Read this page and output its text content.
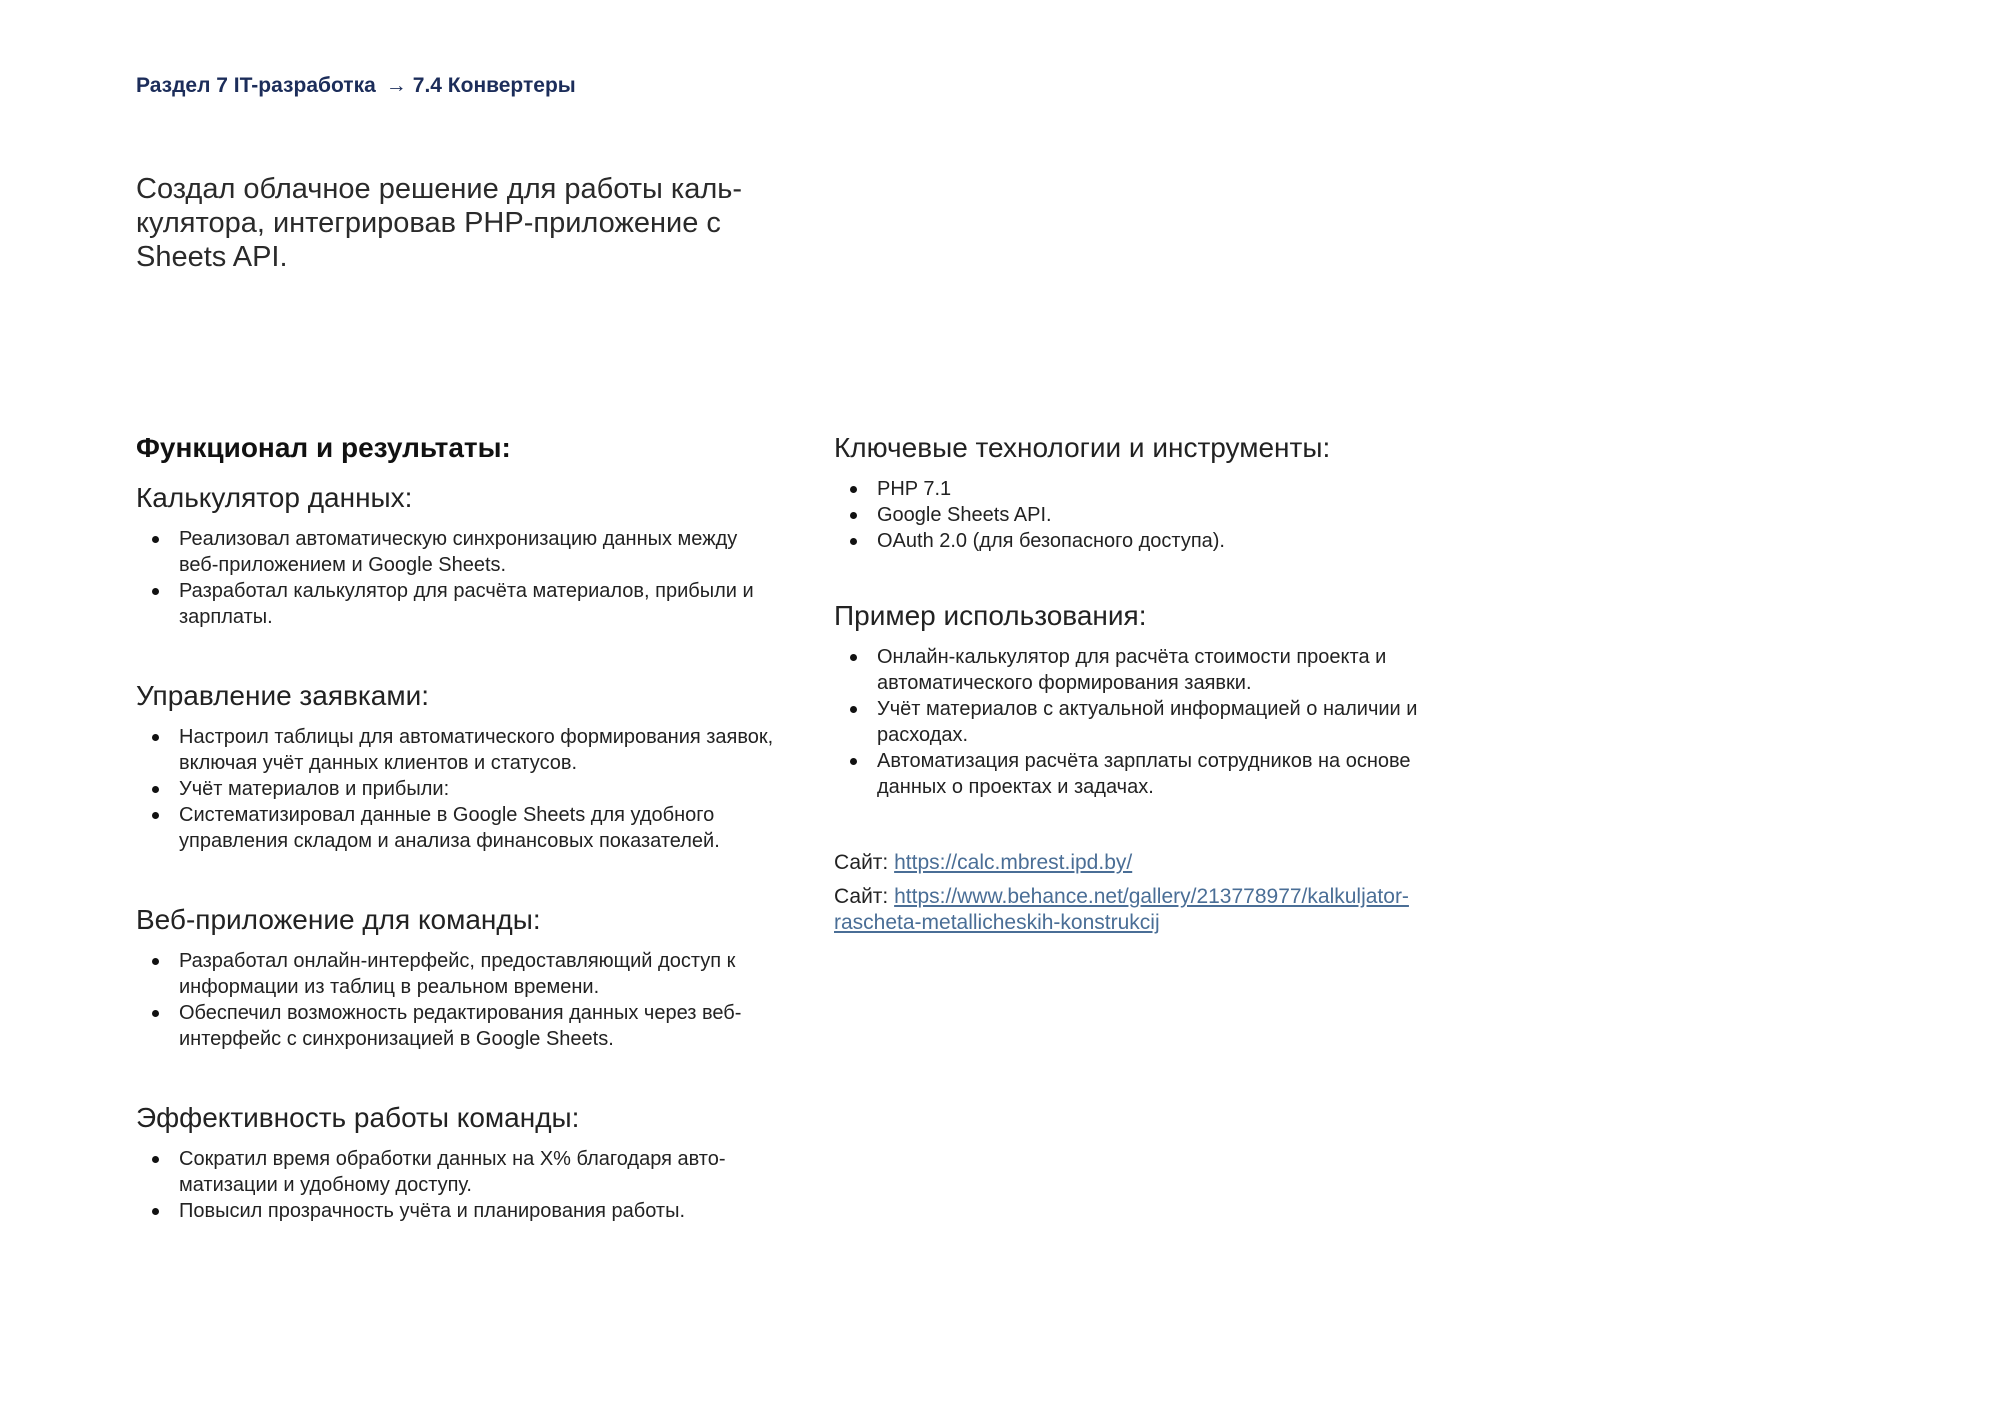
Раздел 7 IT-разработка → 7.4 Конвертеры
Создал облачное решение для работы каль-кулятора, интегрировав PHP-приложение с Sheets API.
Функционал и результаты:
Калькулятор данных:
Реализовал автоматическую синхронизацию данных между веб-приложением и Google Sheets.
Разработал калькулятор для расчёта материалов, прибыли и зарплаты.
Управление заявками:
Настроил таблицы для автоматического формирования заявок, включая учёт данных клиентов и статусов.
Учёт материалов и прибыли:
Систематизировал данные в Google Sheets для удобного управления складом и анализа финансовых показателей.
Веб-приложение для команды:
Разработал онлайн-интерфейс, предоставляющий доступ к информации из таблиц в реальном времени.
Обеспечил возможность редактирования данных через веб-интерфейс с синхронизацией в Google Sheets.
Эффективность работы команды:
Сократил время обработки данных на X% благодаря авто-матизации и удобному доступу.
Повысил прозрачность учёта и планирования работы.
Ключевые технологии и инструменты:
PHP 7.1
Google Sheets API.
OAuth 2.0 (для безопасного доступа).
Пример использования:
Онлайн-калькулятор для расчёта стоимости проекта и автоматического формирования заявки.
Учёт материалов с актуальной информацией о наличии и расходах.
Автоматизация расчёта зарплаты сотрудников на основе данных о проектах и задачах.
Сайт: https://calc.mbrest.ipd.by/
Сайт: https://www.behance.net/gallery/213778977/kalkuljator-rascheta-metallicheskih-konstrukcij
